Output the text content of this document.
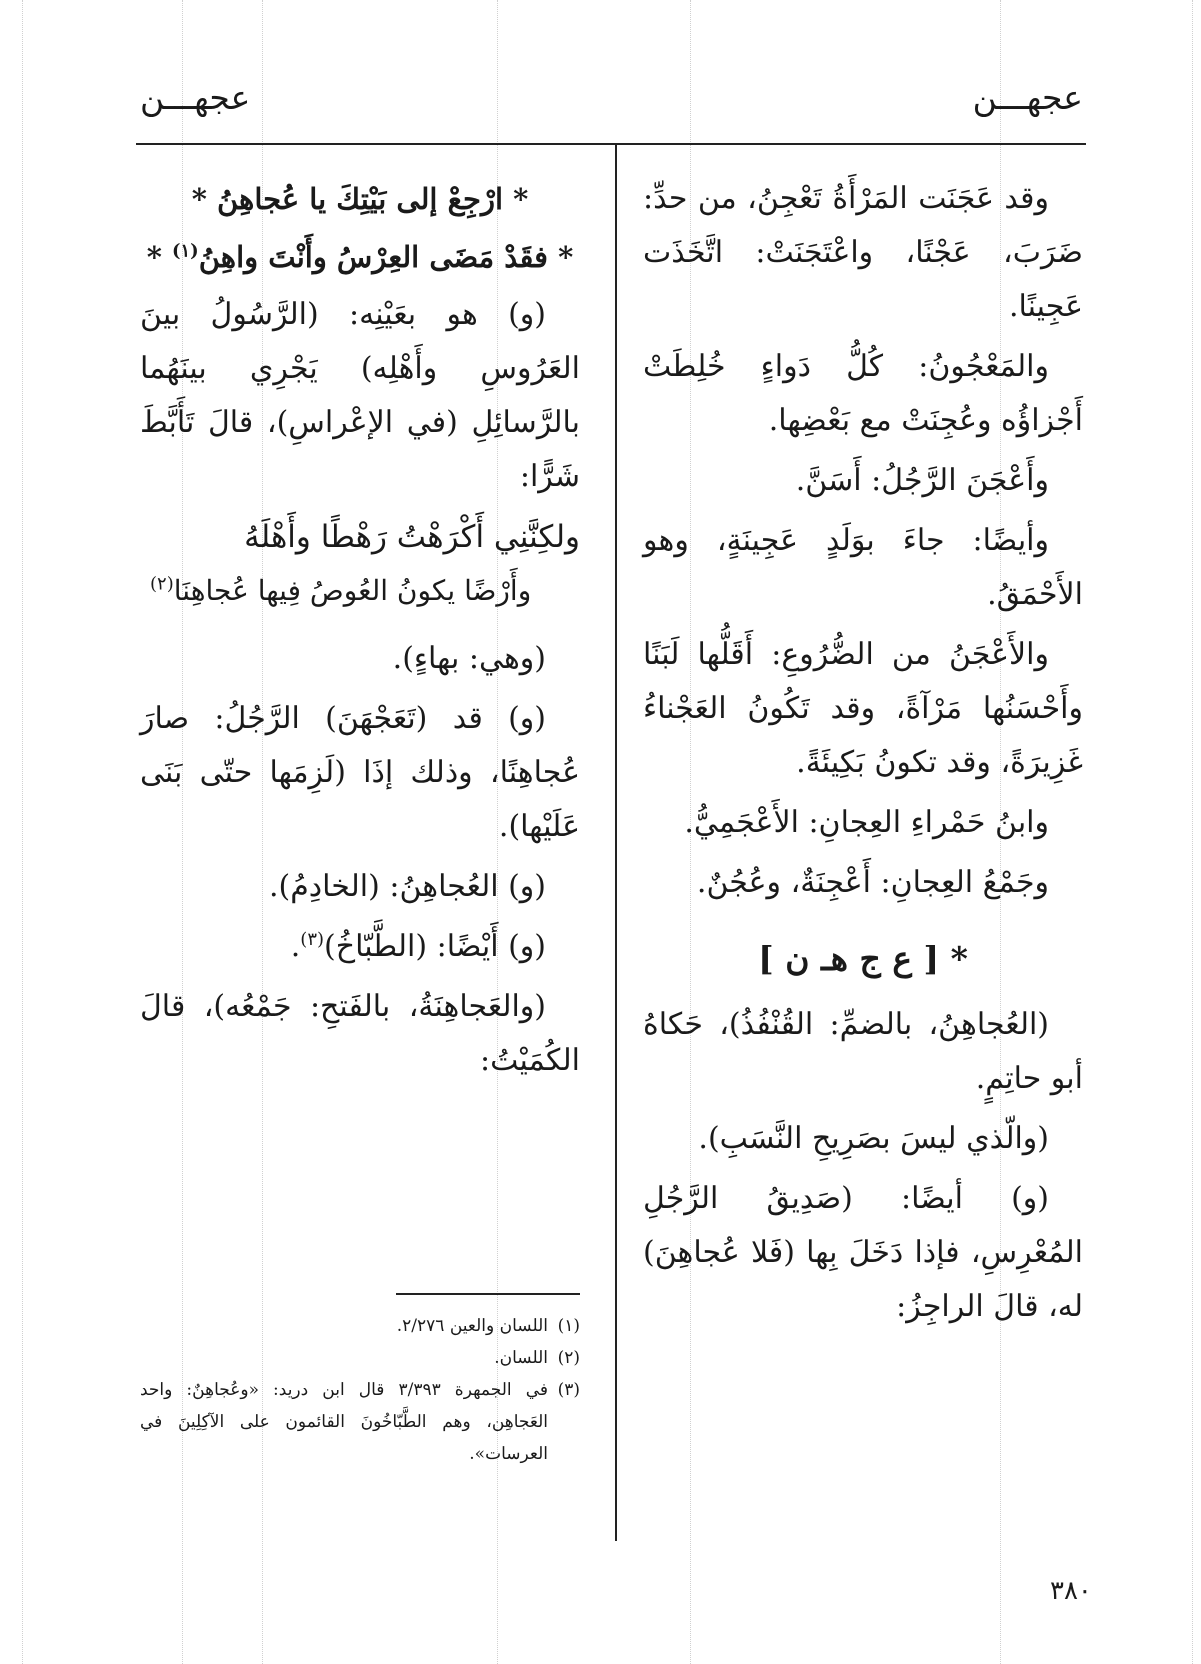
عجهـــن
عجهـــن

وقد عَجَنَت المَرْأَةُ تَعْجِنُ، من حدِّ: ضَرَبَ، عَجْنًا، واعْتَجَنَتْ: اتَّخَذَت عَجِينًا.

والمَعْجُونُ: كُلُّ دَواءٍ خُلِطَتْ أَجْزاؤُه وعُجِنَتْ مع بَعْضِها.

وأَعْجَنَ الرَّجُلُ: أَسَنَّ.

وأيضًا: جاءَ بوَلَدٍ عَجِينَةٍ، وهو الأَحْمَقُ.

والأَعْجَنُ من الضُّرُوعِ: أَقَلُّها لَبَنًا وأَحْسَنُها مَرْآةً، وقد تَكُونُ العَجْناءُ غَزِيرَةً، وقد تكونُ بَكِيئَةً.

وابنُ حَمْراءِ العِجانِ: الأَعْجَمِيُّ.

وجَمْعُ العِجانِ: أَعْجِنَةٌ، وعُجُنٌ.

* [ ع ج هـ ن ]

(العُجاهِنُ، بالضمِّ: القُنْفُذُ)، حَكاهُ أبو حاتِمٍ.

(والّذي ليسَ بصَرِيحِ النَّسَبِ).

(و) أيضًا: (صَدِيقُ الرَّجُلِ المُعْرِسِ، فإذا دَخَلَ بِها (فَلا عُجاهِنَ) له، قالَ الراجِزُ:

* ارْجِعْ إلى بَيْتِكَ يا عُجاهِنُ *

* فقَدْ مَضَى العِرْسُ وأَنْتَ واهِنُ$^{(١)}$ *

(و) هو بعَيْنِه: (الرَّسُولُ بينَ العَرُوسِ وأَهْلِه) يَجْرِي بينَهُما بالرَّسائِلِ (في الإعْراسِ)، قالَ تَأَبَّطَ شَرًّا:

ولكِنَّنِي أَكْرَهْتُ رَهْطًا وأَهْلَهُ
وأَرْضًا يكونُ العُوصُ فِيها عُجاهِنَا$^{(٢)}$

(وهي: بهاءٍ).

(و) قد (تَعَجْهَنَ) الرَّجُلُ: صارَ عُجاهِنًا، وذلك إذَا (لَزِمَها حتّى بَنَى عَلَيْها).

(و) العُجاهِنُ: (الخادِمُ).

(و) أَيْضًا: (الطَّبّاخُ)$^{(٣)}$.

(والعَجاهِنَةُ، بالفَتحِ: جَمْعُه)، قالَ الكُمَيْتُ:

(١)
اللسان والعين ٢/٢٧٦.
(٢)
اللسان.
(٣)
في الجمهرة ٣/٣٩٣ قال ابن دريد: «وعُجاهِنٌ: واحد العَجاهِن، وهم الطَّبّاخُونَ القائمون على الآكِلِينَ في العرسات».
٣٨٠
